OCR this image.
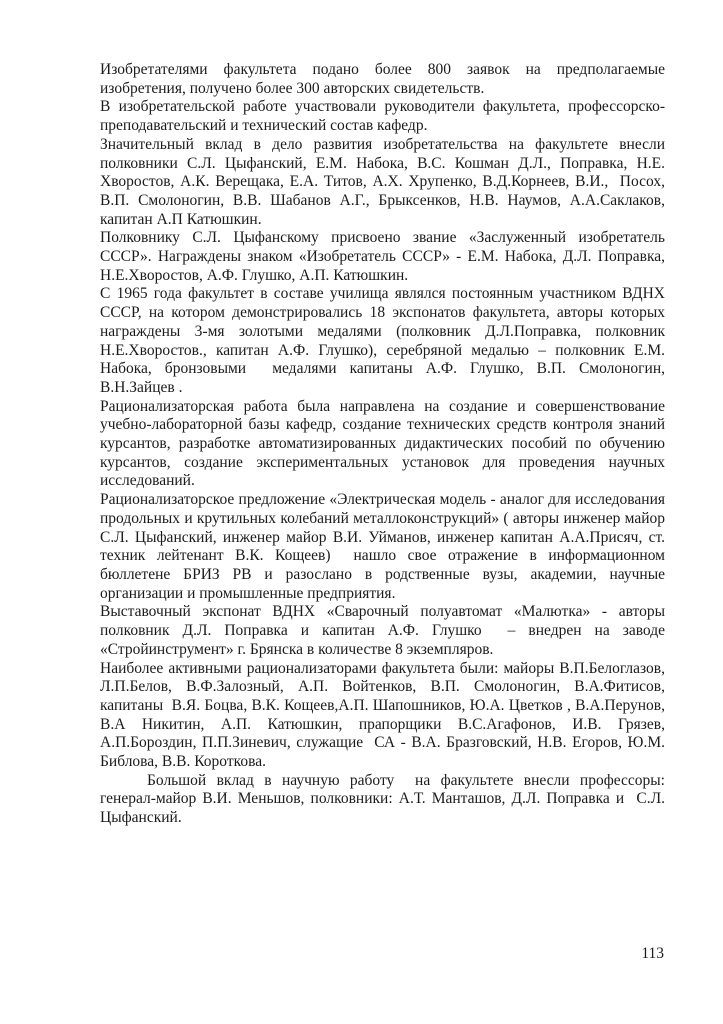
Изобретателями факультета подано более 800 заявок на предполагаемые изобретения, получено более 300 авторских свидетельств.

В изобретательской работе участвовали руководители факультета, профессорско-преподавательский и технический состав кафедр.

Значительный вклад в дело развития изобретательства на факультете внесли полковники С.Л. Цыфанский, Е.М. Набока, В.С. Кошман Д.Л., Поправка, Н.Е. Хворостов, А.К. Верещака, Е.А. Титов, А.Х. Хрупенко, В.Д.Корнеев, В.И.,  Посох, В.П. Смолоногин, В.В. Шабанов А.Г., Брыксенков, Н.В. Наумов, А.А.Саклаков, капитан А.П Катюшкин.

Полковнику С.Л. Цыфанскому присвоено звание «Заслуженный изобретатель СССР». Награждены знаком «Изобретатель СССР» - Е.М. Набока, Д.Л. Поправка, Н.Е.Хворостов, А.Ф. Глушко, А.П. Катюшкин.

С 1965 года факультет в составе училища являлся постоянным участником ВДНХ СССР, на котором демонстрировались 18 экспонатов факультета, авторы которых награждены 3-мя золотыми медалями (полковник Д.Л.Поправка, полковник Н.Е.Хворостов., капитан А.Ф. Глушко), серебряной медалью – полковник Е.М. Набока, бронзовыми  медалями капитаны А.Ф. Глушко, В.П. Смолоногин, В.Н.Зайцев .

Рационализаторская работа была направлена на создание и совершенствование учебно-лабораторной базы кафедр, создание технических средств контроля знаний курсантов, разработке автоматизированных дидактических пособий по обучению курсантов, создание экспериментальных установок для проведения научных исследований.

Рационализаторское предложение «Электрическая модель - аналог для исследования продольных и крутильных колебаний металлоконструкций» ( авторы инженер майор С.Л. Цыфанский, инженер майор В.И. Уйманов, инженер капитан А.А.Присяч, ст. техник лейтенант В.К. Кощеев)  нашло свое отражение в информационном бюллетене БРИЗ РВ и разослано в родственные вузы, академии, научные организации и промышленные предприятия.

Выставочный экспонат ВДНХ «Сварочный полуавтомат «Малютка» - авторы полковник Д.Л. Поправка и капитан А.Ф. Глушко  – внедрен на заводе «Стройинструмент» г. Брянска в количестве 8 экземпляров.

Наиболее активными рационализаторами факультета были: майоры В.П.Белоглазов, Л.П.Белов, В.Ф.Залозный, А.П. Войтенков, В.П. Смолоногин, В.А.Фитисов, капитаны  В.Я. Боцва, В.К. Кощеев,А.П. Шапошников, Ю.А. Цветков , В.А.Перунов, В.А Никитин, А.П. Катюшкин, прапорщики В.С.Агафонов, И.В. Грязев, А.П.Бороздин, П.П.Зиневич, служащие  СА - В.А. Бразговский, Н.В. Егоров, Ю.М. Библова, В.В. Короткова.

Большой вклад в научную работу  на факультете внесли профессоры: генерал-майор В.И. Меньшов, полковники: А.Т. Манташов, Д.Л. Поправка и  С.Л. Цыфанский.

113
